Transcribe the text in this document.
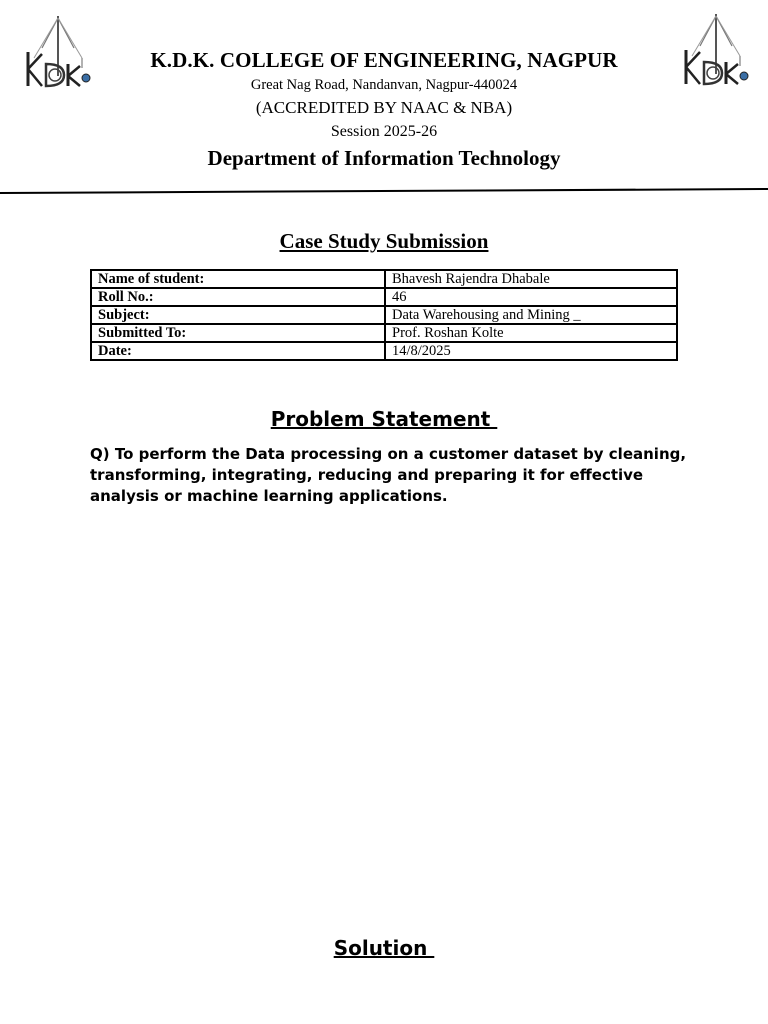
K.D.K. COLLEGE OF ENGINEERING, NAGPUR
Great Nag Road, Nandanvan, Nagpur-440024
(ACCREDITED BY NAAC & NBA)
Session 2025-26
Department of Information Technology
Case Study Submission
Name of student:	Bhavesh Rajendra Dhabale
Roll No.:	46
Subject:	Data Warehousing and Mining _
Submitted To:	Prof. Roshan Kolte
Date:	14/8/2025
Problem Statement
Q) To perform the Data processing on a customer dataset by cleaning, transforming, integrating, reducing and preparing it for effective analysis or machine learning applications.
Solution
